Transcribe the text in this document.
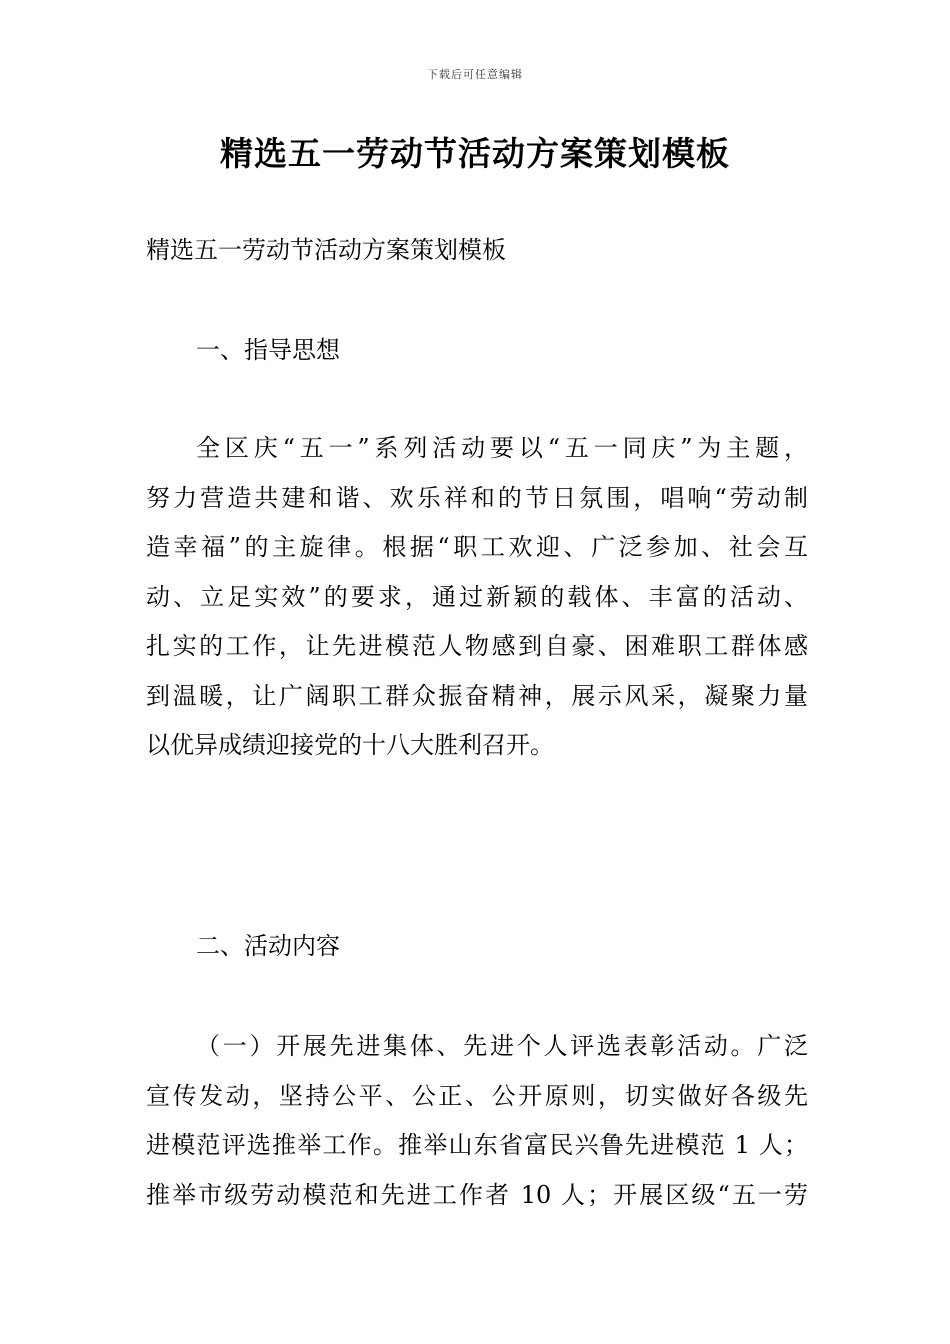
下载后可任意编辑
精选五一劳动节活动方案策划模板
精选五一劳动节活动方案策划模板
一、指导思想
全区庆“五一”系列活动要以“五一同庆”为主题，
努力营造共建和谐、欢乐祥和的节日氛围，唱响“劳动制
造幸福”的主旋律。根据“职工欢迎、广泛参加、社会互
动、立足实效”的要求，通过新颖的载体、丰富的活动、
扎实的工作，让先进模范人物感到自豪、困难职工群体感
到温暖，让广阔职工群众振奋精神，展示风采，凝聚力量
以优异成绩迎接党的十八大胜利召开。
二、活动内容
（一）开展先进集体、先进个人评选表彰活动。广泛
宣传发动，坚持公平、公正、公开原则，切实做好各级先
进模范评选推举工作。推举山东省富民兴鲁先进模范 1 人；
推举市级劳动模范和先进工作者 10 人；开展区级“五一劳
